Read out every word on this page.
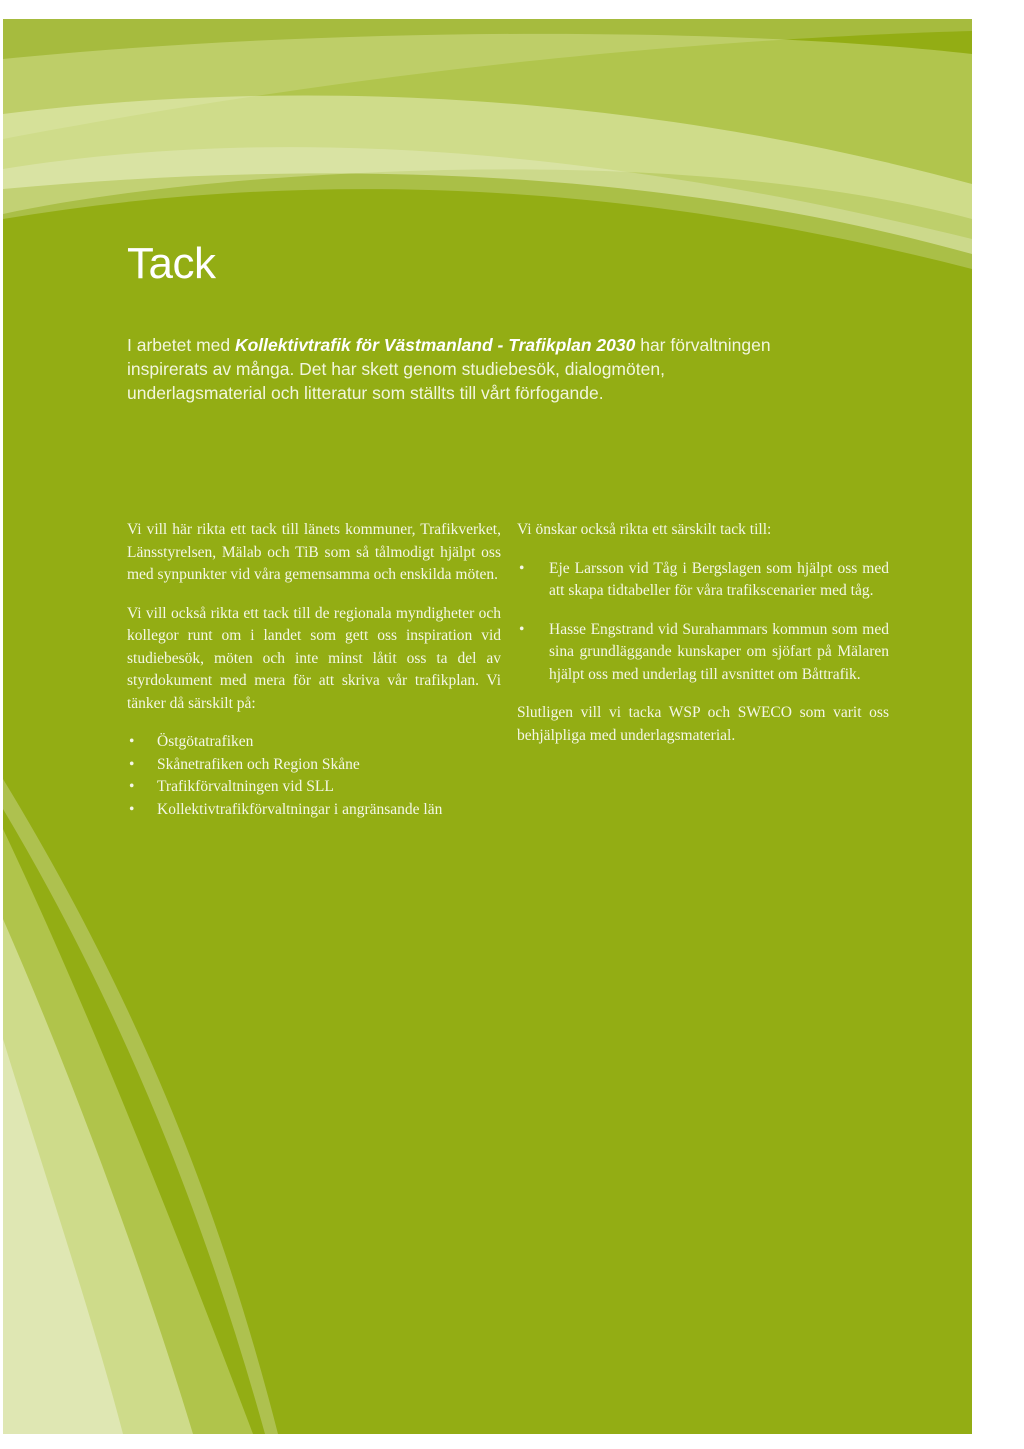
Tack

I arbetet med Kollektivtrafik för Västmanland - Trafikplan 2030 har förvaltningen inspirerats av många. Det har skett genom studiebesök, dialogmöten, underlagsmaterial och litteratur som ställts till vårt förfogande.

Vi vill här rikta ett tack till länets kommuner, Trafikverket, Länsstyrelsen, Mälab och TiB som så tålmodigt hjälpt oss med synpunkter vid våra gemensamma och enskilda möten.

Vi vill också rikta ett tack till de regionala myndigheter och kollegor runt om i landet som gett oss inspiration vid studiebesök, möten och inte minst låtit oss ta del av styrdokument med mera för att skriva vår trafikplan. Vi tänker då särskilt på:

• Östgötatrafiken
• Skånetrafiken och Region Skåne
• Trafikförvaltningen vid SLL
• Kollektivtrafikförvaltningar i angränsande län

Vi önskar också rikta ett särskilt tack till:

• Eje Larsson vid Tåg i Bergslagen som hjälpt oss med att skapa tidtabeller för våra trafikscenarier med tåg.
• Hasse Engstrand vid Surahammars kommun som med sina grundläggande kunskaper om sjöfart på Mälaren hjälpt oss med underlag till avsnittet om Båttrafik.

Slutligen vill vi tacka WSP och SWECO som varit oss behjälpliga med underlagsmaterial.
